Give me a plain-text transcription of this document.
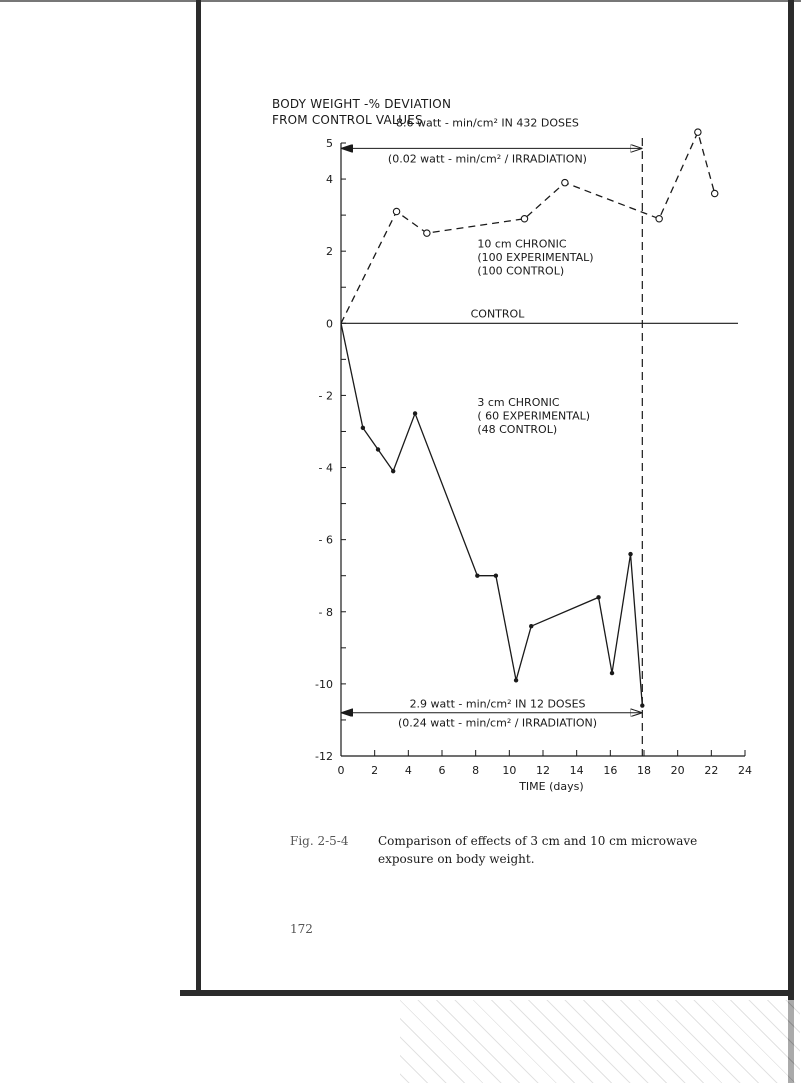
BODY WEIGHT -% DEVIATION
FROM CONTROL VALUES
5
4
2
0
- 2
- 4
- 6
- 8
-10
-12
0 2 4 6 8 10 12 14 16 18 20 22 24
TIME (days)
CONTROL
10 cm CHRONIC
(100 EXPERIMENTAL)
(100 CONTROL)
3 cm CHRONIC
( 60 EXPERIMENTAL)
(48 CONTROL)
8.6 watt - min/cm² IN 432 DOSES
(0.02 watt - min/cm² / IRRADIATION)
2.9 watt - min/cm² IN 12 DOSES
(0.24 watt - min/cm² / IRRADIATION)
Fig. 2-5-4 Comparison of effects of 3 cm and 10 cm microwave
exposure on body weight.
172
